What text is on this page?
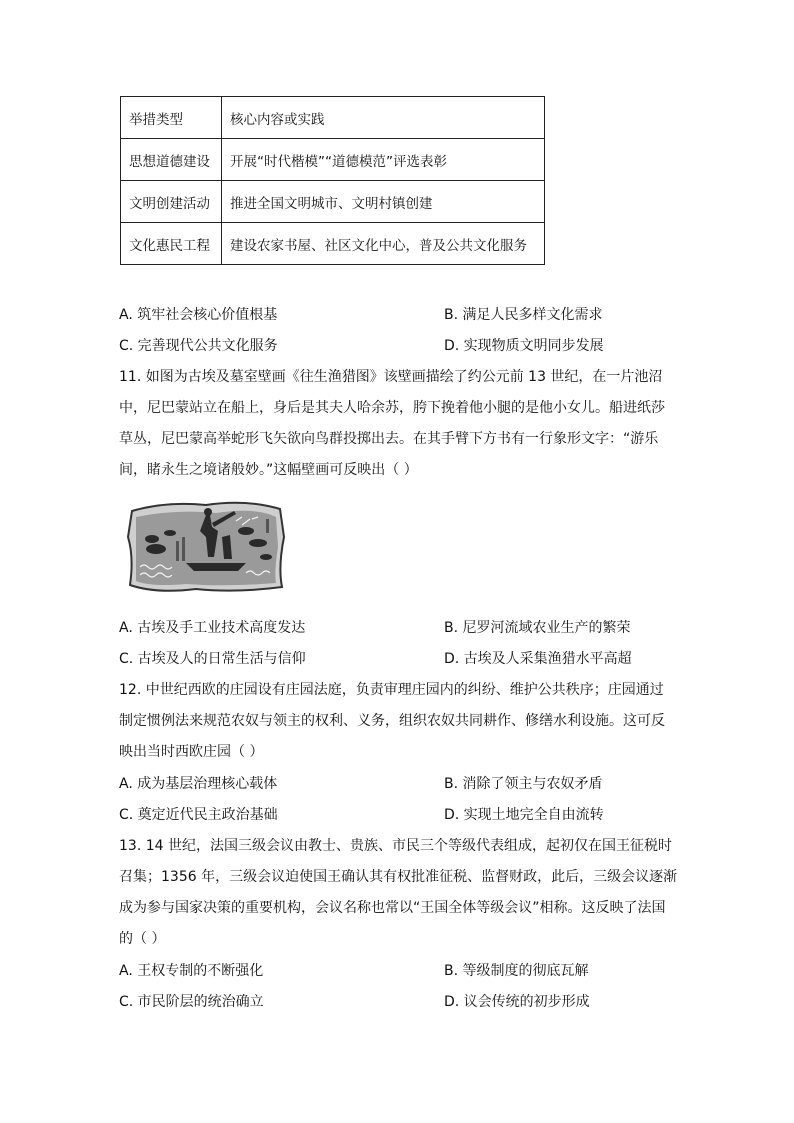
举措类型	核心内容或实践
思想道德建设	开展“时代楷模”“道德模范”评选表彰
文明创建活动	推进全国文明城市、文明村镇创建
文化惠民工程	建设农家书屋、社区文化中心，普及公共文化服务
A. 筑牢社会核心价值根基	B. 满足人民多样文化需求
C. 完善现代公共文化服务	D. 实现物质文明同步发展
11. 如图为古埃及墓室壁画《往生渔猎图》该壁画描绘了约公元前 13 世纪，在一片池沼
中，尼巴蒙站立在船上，身后是其夫人哈余苏，胯下挽着他小腿的是他小女儿。船进纸莎
草丛，尼巴蒙高举蛇形飞矢欲向鸟群投掷出去。在其手臂下方书有一行象形文字：“游乐
间，睹永生之境诸般妙。”这幅壁画可反映出（ ）
A. 古埃及手工业技术高度发达	B. 尼罗河流域农业生产的繁荣
C. 古埃及人的日常生活与信仰	D. 古埃及人采集渔猎水平高超
12. 中世纪西欧的庄园设有庄园法庭，负责审理庄园内的纠纷、维护公共秩序；庄园通过
制定惯例法来规范农奴与领主的权利、义务，组织农奴共同耕作、修缮水利设施。这可反
映出当时西欧庄园（ ）
A. 成为基层治理核心载体	B. 消除了领主与农奴矛盾
C. 奠定近代民主政治基础	D. 实现土地完全自由流转
13. 14 世纪，法国三级会议由教士、贵族、市民三个等级代表组成，起初仅在国王征税时
召集；1356 年，三级会议迫使国王确认其有权批准征税、监督财政，此后，三级会议逐渐
成为参与国家决策的重要机构，会议名称也常以“王国全体等级会议”相称。这反映了法国
的（ ）
A. 王权专制的不断强化	B. 等级制度的彻底瓦解
C. 市民阶层的统治确立	D. 议会传统的初步形成
